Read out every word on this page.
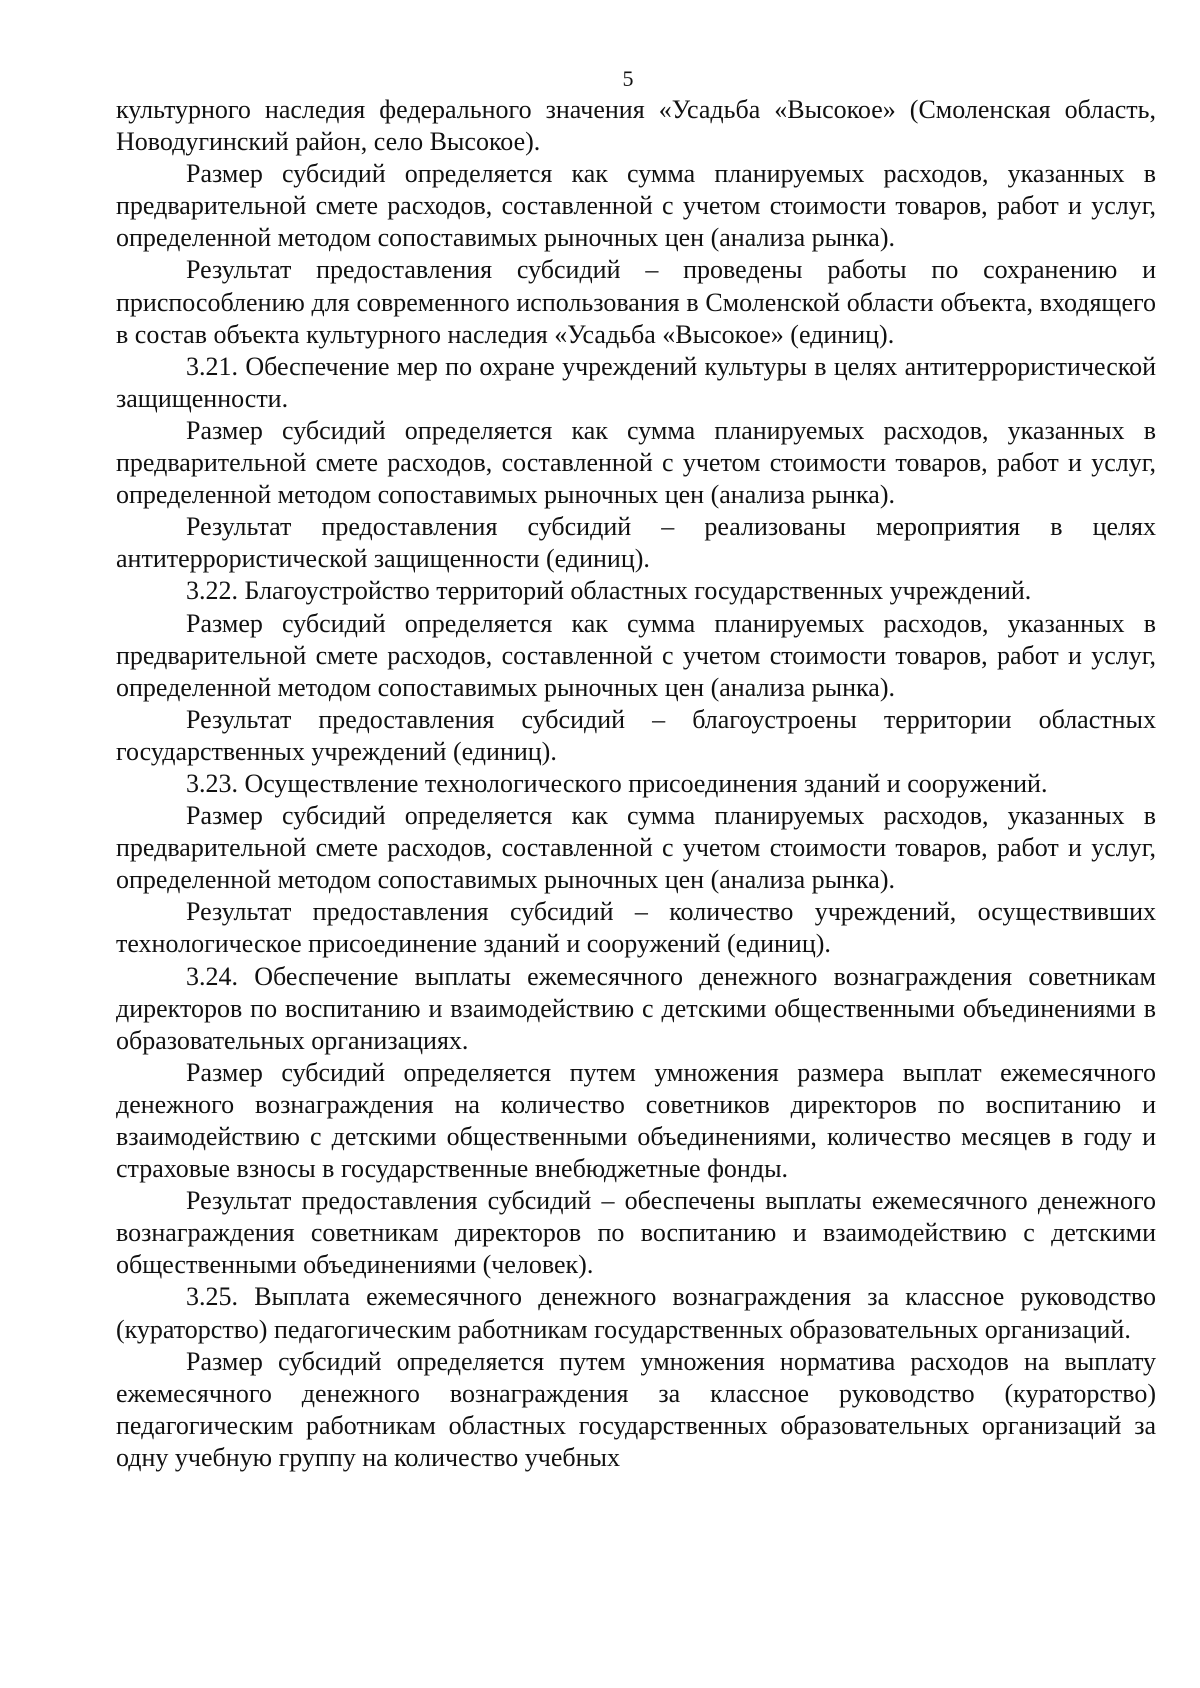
5

культурного наследия федерального значения «Усадьба «Высокое» (Смоленская область, Новодугинский район, село Высокое).

Размер субсидий определяется как сумма планируемых расходов, указанных в предварительной смете расходов, составленной с учетом стоимости товаров, работ и услуг, определенной методом сопоставимых рыночных цен (анализа рынка).

Результат предоставления субсидий – проведены работы по сохранению и приспособлению для современного использования в Смоленской области объекта, входящего в состав объекта культурного наследия «Усадьба «Высокое» (единиц).

3.21. Обеспечение мер по охране учреждений культуры в целях антитеррористической защищенности.

Размер субсидий определяется как сумма планируемых расходов, указанных в предварительной смете расходов, составленной с учетом стоимости товаров, работ и услуг, определенной методом сопоставимых рыночных цен (анализа рынка).

Результат предоставления субсидий – реализованы мероприятия в целях антитеррористической защищенности (единиц).

3.22. Благоустройство территорий областных государственных учреждений.

Размер субсидий определяется как сумма планируемых расходов, указанных в предварительной смете расходов, составленной с учетом стоимости товаров, работ и услуг, определенной методом сопоставимых рыночных цен (анализа рынка).

Результат предоставления субсидий – благоустроены территории областных государственных учреждений (единиц).

3.23. Осуществление технологического присоединения зданий и сооружений.

Размер субсидий определяется как сумма планируемых расходов, указанных в предварительной смете расходов, составленной с учетом стоимости товаров, работ и услуг, определенной методом сопоставимых рыночных цен (анализа рынка).

Результат предоставления субсидий – количество учреждений, осуществивших технологическое присоединение зданий и сооружений (единиц).

3.24. Обеспечение выплаты ежемесячного денежного вознаграждения советникам директоров по воспитанию и взаимодействию с детскими общественными объединениями в образовательных организациях.

Размер субсидий определяется путем умножения размера выплат ежемесячного денежного вознаграждения на количество советников директоров по воспитанию и взаимодействию с детскими общественными объединениями, количество месяцев в году и страховые взносы в государственные внебюджетные фонды.

Результат предоставления субсидий – обеспечены выплаты ежемесячного денежного вознаграждения советникам директоров по воспитанию и взаимодействию с детскими общественными объединениями (человек).

3.25. Выплата ежемесячного денежного вознаграждения за классное руководство (кураторство) педагогическим работникам государственных образовательных организаций.

Размер субсидий определяется путем умножения норматива расходов на выплату ежемесячного денежного вознаграждения за классное руководство (кураторство) педагогическим работникам областных государственных образовательных организаций за одну учебную группу на количество учебных
